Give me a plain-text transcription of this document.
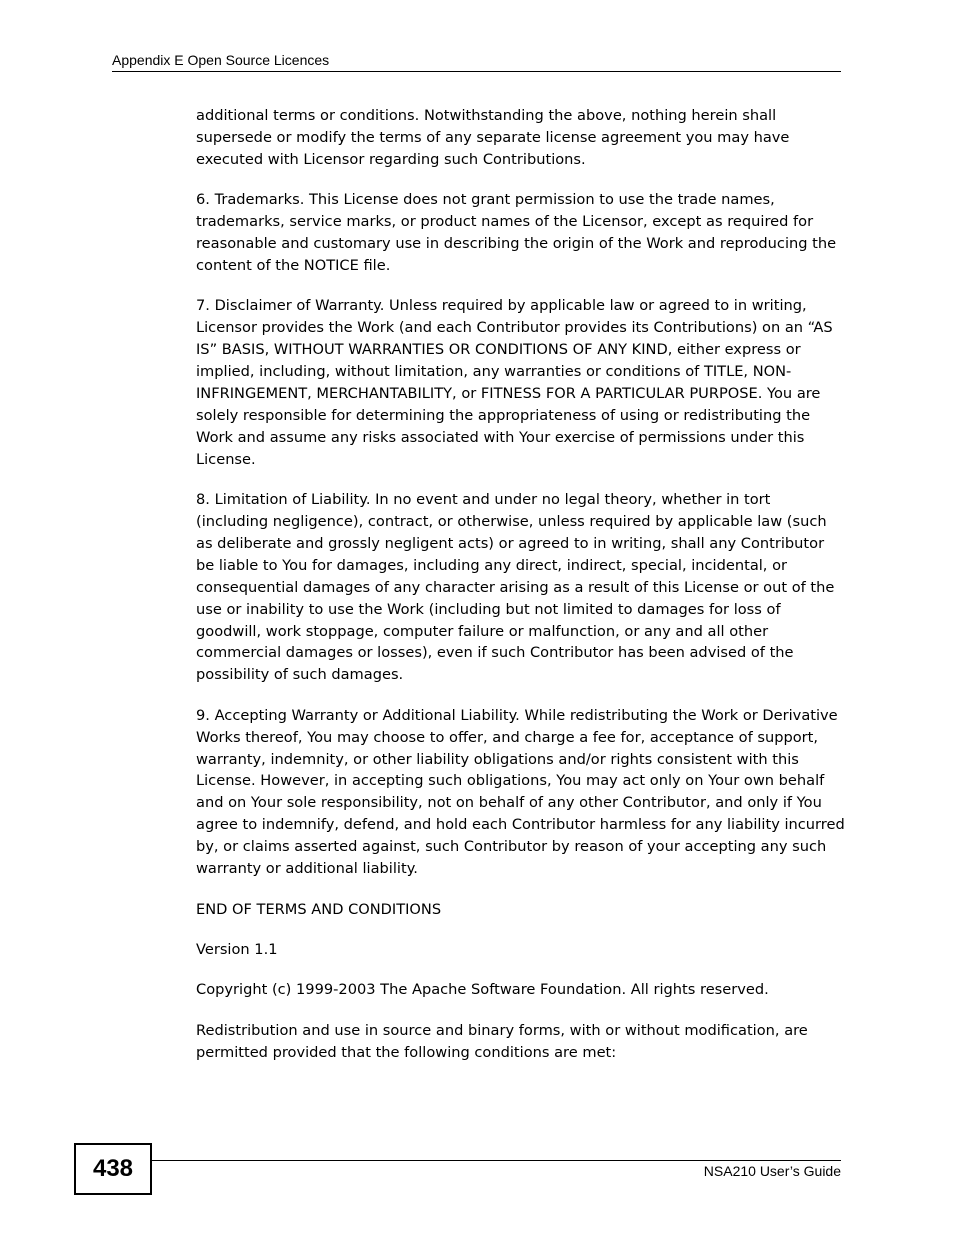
Appendix E Open Source Licences

additional terms or conditions. Notwithstanding the above, nothing herein shall supersede or modify the terms of any separate license agreement you may have executed with Licensor regarding such Contributions.

6. Trademarks. This License does not grant permission to use the trade names, trademarks, service marks, or product names of the Licensor, except as required for reasonable and customary use in describing the origin of the Work and reproducing the content of the NOTICE file.

7. Disclaimer of Warranty. Unless required by applicable law or agreed to in writing, Licensor provides the Work (and each Contributor provides its Contributions) on an “AS IS” BASIS, WITHOUT WARRANTIES OR CONDITIONS OF ANY KIND, either express or implied, including, without limitation, any warranties or conditions of TITLE, NON-INFRINGEMENT, MERCHANTABILITY, or FITNESS FOR A PARTICULAR PURPOSE. You are solely responsible for determining the appropriateness of using or redistributing the Work and assume any risks associated with Your exercise of permissions under this License.

8. Limitation of Liability. In no event and under no legal theory, whether in tort (including negligence), contract, or otherwise, unless required by applicable law (such as deliberate and grossly negligent acts) or agreed to in writing, shall any Contributor be liable to You for damages, including any direct, indirect, special, incidental, or consequential damages of any character arising as a result of this License or out of the use or inability to use the Work (including but not limited to damages for loss of goodwill, work stoppage, computer failure or malfunction, or any and all other commercial damages or losses), even if such Contributor has been advised of the possibility of such damages.

9. Accepting Warranty or Additional Liability. While redistributing the Work or Derivative Works thereof, You may choose to offer, and charge a fee for, acceptance of support, warranty, indemnity, or other liability obligations and/or rights consistent with this License. However, in accepting such obligations, You may act only on Your own behalf and on Your sole responsibility, not on behalf of any other Contributor, and only if You agree to indemnify, defend, and hold each Contributor harmless for any liability incurred by, or claims asserted against, such Contributor by reason of your accepting any such warranty or additional liability.

END OF TERMS AND CONDITIONS

Version 1.1

Copyright (c) 1999-2003 The Apache Software Foundation. All rights reserved.

Redistribution and use in source and binary forms, with or without modification, are permitted provided that the following conditions are met:

438	NSA210 User’s Guide
